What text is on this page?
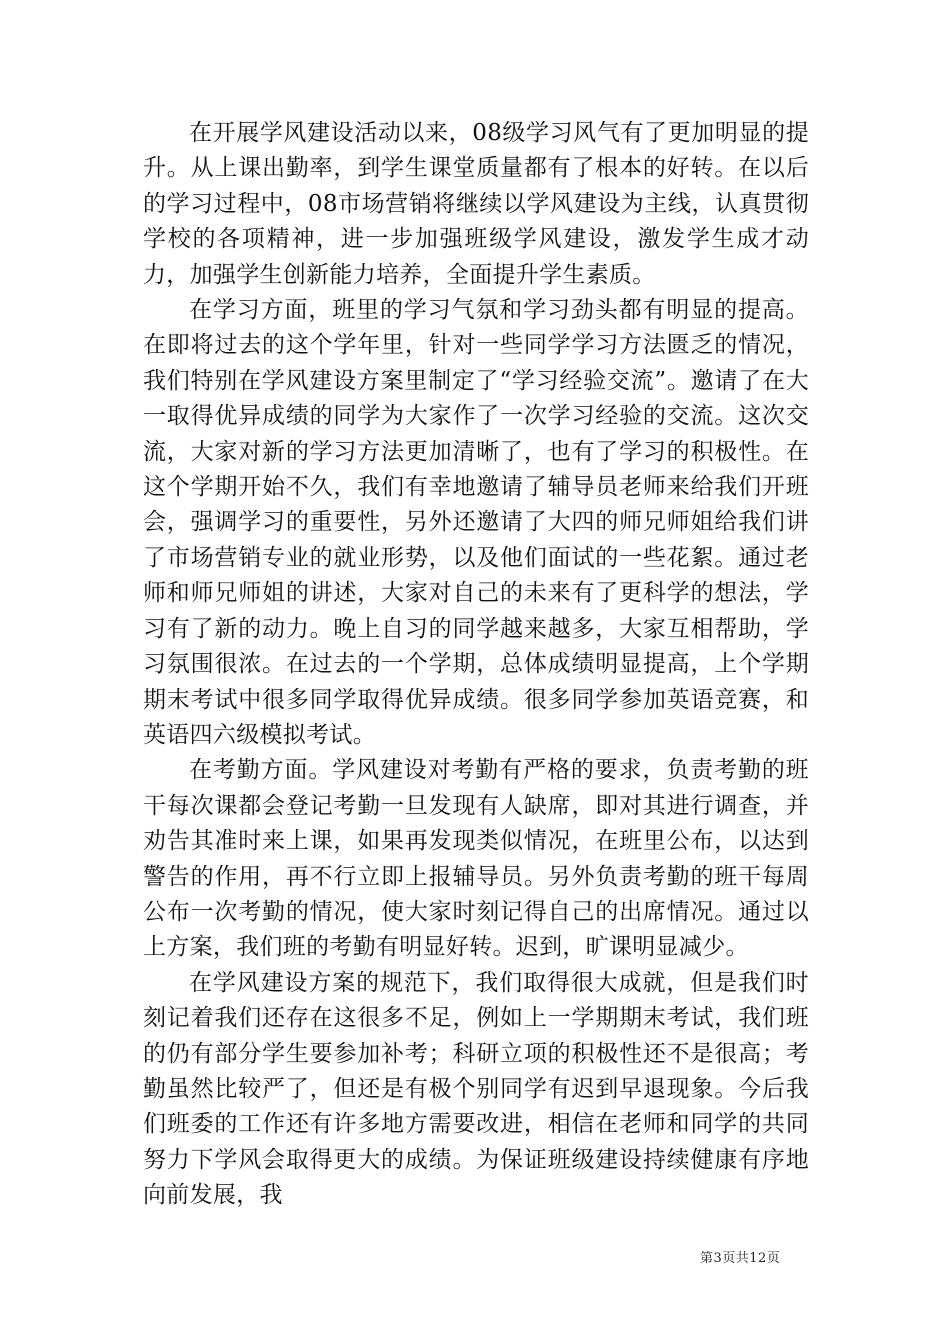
在开展学风建设活动以来，08级学习风气有了更加明显的提升。从上课出勤率，到学生课堂质量都有了根本的好转。在以后的学习过程中，08市场营销将继续以学风建设为主线，认真贯彻学校的各项精神，进一步加强班级学风建设，激发学生成才动力，加强学生创新能力培养，全面提升学生素质。

在学习方面，班里的学习气氛和学习劲头都有明显的提高。在即将过去的这个学年里，针对一些同学学习方法匮乏的情况，我们特别在学风建设方案里制定了“学习经验交流”。邀请了在大一取得优异成绩的同学为大家作了一次学习经验的交流。这次交流，大家对新的学习方法更加清晰了，也有了学习的积极性。在这个学期开始不久，我们有幸地邀请了辅导员老师来给我们开班会，强调学习的重要性，另外还邀请了大四的师兄师姐给我们讲了市场营销专业的就业形势，以及他们面试的一些花絮。通过老师和师兄师姐的讲述，大家对自己的未来有了更科学的想法，学习有了新的动力。晚上自习的同学越来越多，大家互相帮助，学习氛围很浓。在过去的一个学期，总体成绩明显提高，上个学期期末考试中很多同学取得优异成绩。很多同学参加英语竞赛，和英语四六级模拟考试。

在考勤方面。学风建设对考勤有严格的要求，负责考勤的班干每次课都会登记考勤一旦发现有人缺席，即对其进行调查，并劝告其准时来上课，如果再发现类似情况，在班里公布，以达到警告的作用，再不行立即上报辅导员。另外负责考勤的班干每周公布一次考勤的情况，使大家时刻记得自己的出席情况。通过以上方案，我们班的考勤有明显好转。迟到，旷课明显减少。

在学风建设方案的规范下，我们取得很大成就，但是我们时刻记着我们还存在这很多不足，例如上一学期期末考试，我们班的仍有部分学生要参加补考；科研立项的积极性还不是很高；考勤虽然比较严了，但还是有极个别同学有迟到早退现象。今后我们班委的工作还有许多地方需要改进，相信在老师和同学的共同努力下学风会取得更大的成绩。为保证班级建设持续健康有序地向前发展，我

第3页共12页
